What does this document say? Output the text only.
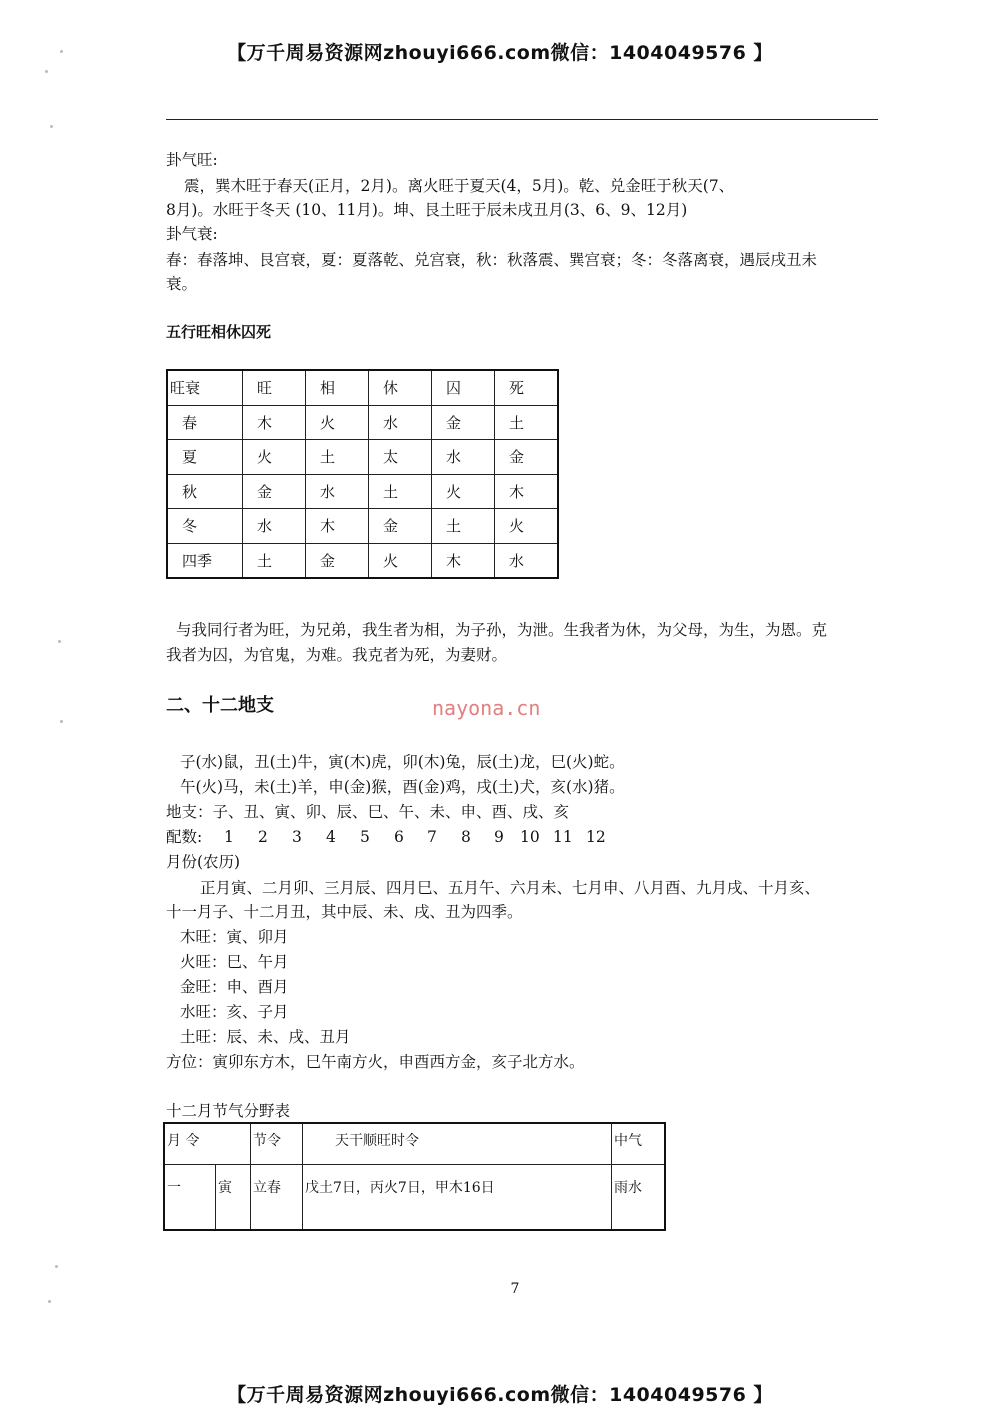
【万千周易资源网zhouyi666.com微信：1404049576 】
卦气旺:
震，巽木旺于春天(正月，2月)。离火旺于夏天(4，5月)。乾、兑金旺于秋天(7、
8月)。水旺于冬天 (10、11月)。坤、艮土旺于辰未戌丑月(3、6、9、12月)
卦气衰:
春：春落坤、艮宫衰，夏：夏落乾、兑宫衰，秋：秋落震、巽宫衰；冬：冬落离衰，遇辰戌丑未
衰。
五行旺相休囚死
旺衰	旺	相	休	囚	死
春	木	火	水	金	土
夏	火	土	太	水	金
秋	金	水	土	火	木
冬	水	木	金	土	火
四季	土	金	火	木	水
与我同行者为旺，为兄弟，我生者为相，为子孙，为泄。生我者为休，为父母，为生，为恩。克
我者为囚，为官鬼，为难。我克者为死，为妻财。
二、十二地支	nayona.cn
子(水)鼠，丑(土)牛，寅(木)虎，卯(木)兔，辰(土)龙，巳(火)蛇。
午(火)马，未(土)羊，申(金)猴，酉(金)鸡，戌(土)犬，亥(水)猪。
地支：子、丑、寅、卯、辰、巳、午、未、申、酉、戌、亥
配数: 1 2 3 4 5 6 7 8 9 10 11 12
月份(农历)
正月寅、二月卯、三月辰、四月巳、五月午、六月未、七月申、八月酉、九月戌、十月亥、
十一月子、十二月丑，其中辰、未、戌、丑为四季。
木旺：寅、卯月
火旺：巳、午月
金旺：申、酉月
水旺：亥、子月
土旺：辰、未、戌、丑月
方位：寅卯东方木，巳午南方火，申酉西方金，亥子北方水。
十二月节气分野表
月 令		节令	天干顺旺时令	中气
一	寅	立春	戊土7日，丙火7日，甲木16日	雨水
7
【万千周易资源网zhouyi666.com微信：1404049576 】
